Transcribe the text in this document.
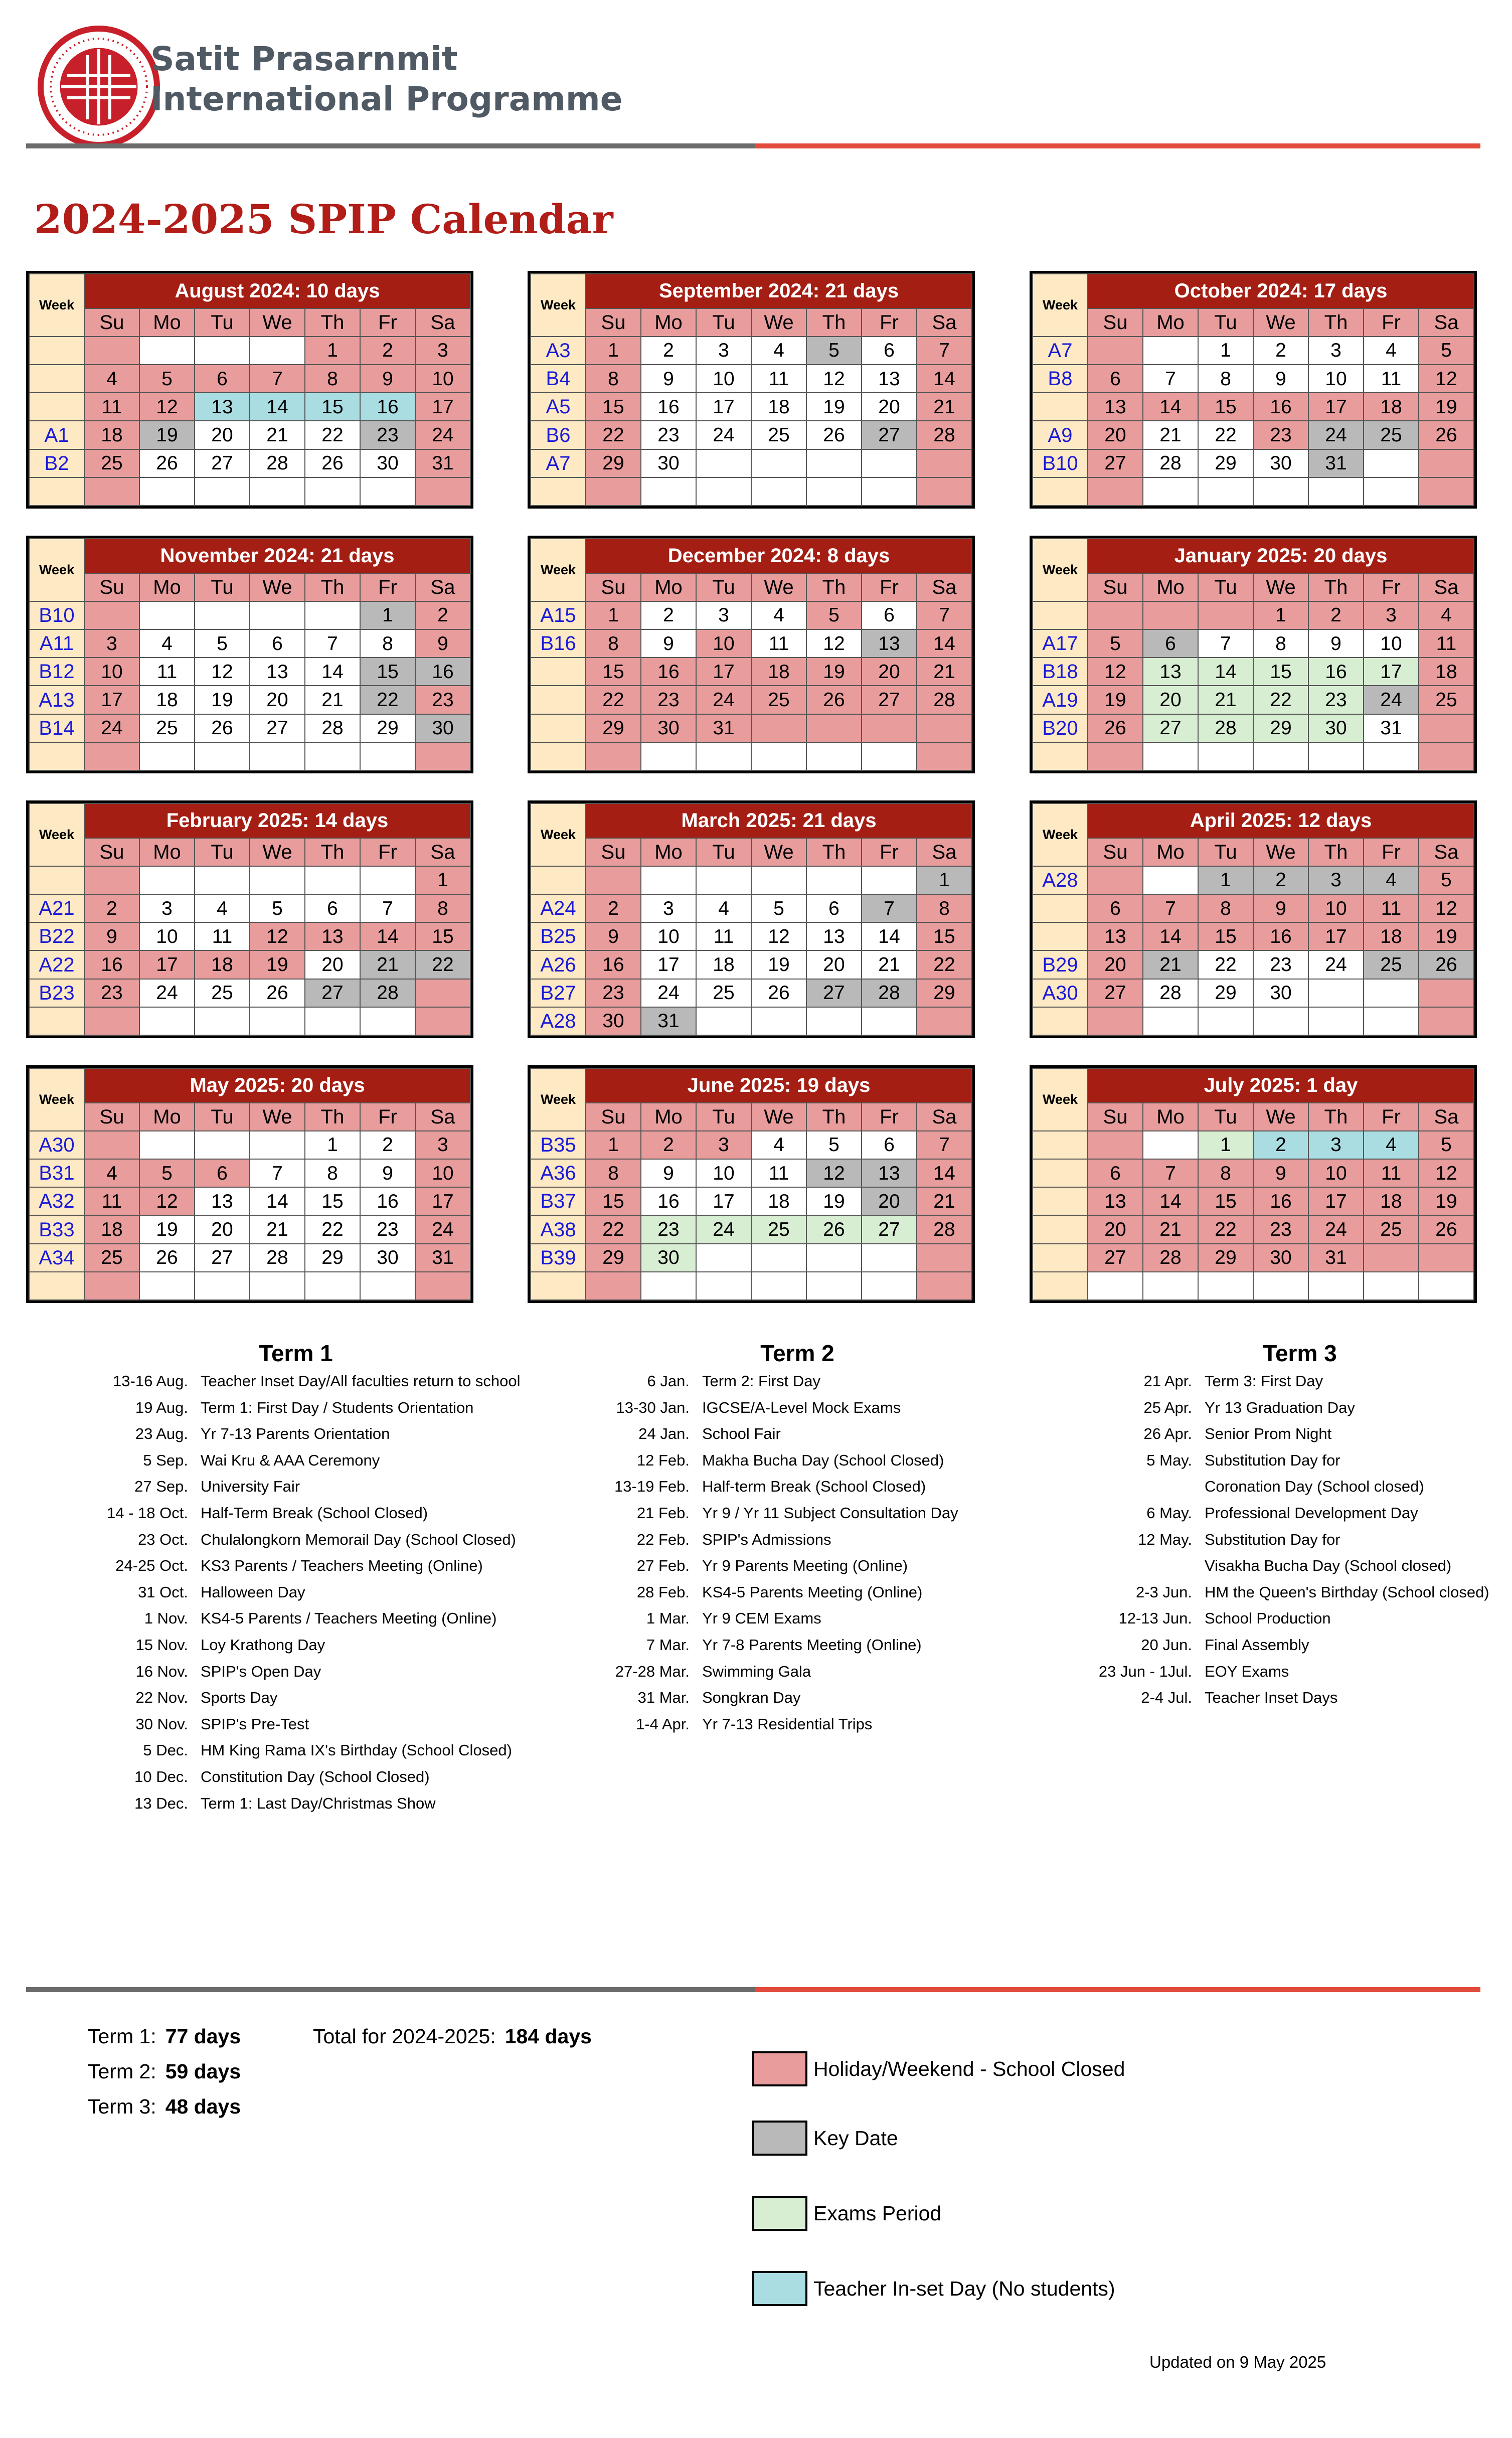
Satit Prasarnmit
International Programme
2024-2025 SPIP Calendar
Week	August 2024: 10 days						
	Su	Mo	Tu	We	Th	Fr	Sa
					1	2	3
	4	5	6	7	8	9	10
	11	12	13	14	15	16	17
A1	18	19	20	21	22	23	24
B2	25	26	27	28	26	30	31

Week	September 2024: 21 days						
	Su	Mo	Tu	We	Th	Fr	Sa
A3	1	2	3	4	5	6	7
B4	8	9	10	11	12	13	14
A5	15	16	17	18	19	20	21
B6	22	23	24	25	26	27	28
A7	29	30					

Week	October 2024: 17 days						
	Su	Mo	Tu	We	Th	Fr	Sa
A7			1	2	3	4	5
B8	6	7	8	9	10	11	12
	13	14	15	16	17	18	19
A9	20	21	22	23	24	25	26
B10	27	28	29	30	31		

Week	November 2024: 21 days						
	Su	Mo	Tu	We	Th	Fr	Sa
B10						1	2
A11	3	4	5	6	7	8	9
B12	10	11	12	13	14	15	16
A13	17	18	19	20	21	22	23
B14	24	25	26	27	28	29	30

Week	December 2024: 8 days						
	Su	Mo	Tu	We	Th	Fr	Sa
A15	1	2	3	4	5	6	7
B16	8	9	10	11	12	13	14
	15	16	17	18	19	20	21
	22	23	24	25	26	27	28
	29	30	31				

Week	January 2025: 20 days						
	Su	Mo	Tu	We	Th	Fr	Sa
				1	2	3	4
A17	5	6	7	8	9	10	11
B18	12	13	14	15	16	17	18
A19	19	20	21	22	23	24	25
B20	26	27	28	29	30	31	

Week	February 2025: 14 days						
	Su	Mo	Tu	We	Th	Fr	Sa
							1
A21	2	3	4	5	6	7	8
B22	9	10	11	12	13	14	15
A22	16	17	18	19	20	21	22
B23	23	24	25	26	27	28	

Week	March 2025: 21 days						
	Su	Mo	Tu	We	Th	Fr	Sa
							1
A24	2	3	4	5	6	7	8
B25	9	10	11	12	13	14	15
A26	16	17	18	19	20	21	22
B27	23	24	25	26	27	28	29
A28	30	31					
Week	April 2025: 12 days						
	Su	Mo	Tu	We	Th	Fr	Sa
A28			1	2	3	4	5
	6	7	8	9	10	11	12
	13	14	15	16	17	18	19
B29	20	21	22	23	24	25	26
A30	27	28	29	30			

Week	May 2025: 20 days						
	Su	Mo	Tu	We	Th	Fr	Sa
A30					1	2	3
B31	4	5	6	7	8	9	10
A32	11	12	13	14	15	16	17
B33	18	19	20	21	22	23	24
A34	25	26	27	28	29	30	31

Week	June 2025: 19 days						
	Su	Mo	Tu	We	Th	Fr	Sa
B35	1	2	3	4	5	6	7
A36	8	9	10	11	12	13	14
B37	15	16	17	18	19	20	21
A38	22	23	24	25	26	27	28
B39	29	30					

Week	July 2025: 1 day						
	Su	Mo	Tu	We	Th	Fr	Sa
			1	2	3	4	5
	6	7	8	9	10	11	12
	13	14	15	16	17	18	19
	20	21	22	23	24	25	26
	27	28	29	30	31		

Term 1
13-16 Aug. Teacher Inset Day/All faculties return to school
19 Aug. Term 1: First Day / Students Orientation
23 Aug. Yr 7-13 Parents Orientation
5 Sep. Wai Kru & AAA Ceremony
27 Sep. University Fair
14 - 18 Oct. Half-Term Break (School Closed)
23 Oct. Chulalongkorn Memorail Day (School Closed)
24-25 Oct. KS3 Parents / Teachers Meeting (Online)
31 Oct. Halloween Day
1 Nov. KS4-5 Parents / Teachers Meeting (Online)
15 Nov. Loy Krathong Day
16 Nov. SPIP's Open Day
22 Nov. Sports Day
30 Nov. SPIP's Pre-Test
5 Dec. HM King Rama IX's Birthday (School Closed)
10 Dec. Constitution Day (School Closed)
13 Dec. Term 1: Last Day/Christmas Show
Term 2
6 Jan. Term 2: First Day
13-30 Jan. IGCSE/A-Level Mock Exams
24 Jan. School Fair
12 Feb. Makha Bucha Day (School Closed)
13-19 Feb. Half-term Break (School Closed)
21 Feb. Yr 9 / Yr 11 Subject Consultation Day
22 Feb. SPIP's Admissions
27 Feb. Yr 9 Parents Meeting (Online)
28 Feb. KS4-5 Parents Meeting (Online)
1 Mar. Yr 9 CEM Exams
7 Mar. Yr 7-8 Parents Meeting (Online)
27-28 Mar. Swimming Gala
31 Mar. Songkran Day
1-4 Apr. Yr 7-13 Residential Trips
Term 3
21 Apr. Term 3: First Day
25 Apr. Yr 13 Graduation Day
26 Apr. Senior Prom Night
5 May. Substitution Day for
Coronation Day (School closed)
6 May. Professional Development Day
12 May. Substitution Day for
Visakha Bucha Day (School closed)
2-3 Jun. HM the Queen's Birthday (School closed)
12-13 Jun. School Production
20 Jun. Final Assembly
23 Jun - 1Jul. EOY Exams
2-4 Jul. Teacher Inset Days
Term 1: 77 days
Term 2: 59 days
Term 3: 48 days
Total for 2024-2025: 184 days
Holiday/Weekend - School Closed
Key Date
Exams Period
Teacher In-set Day (No students)
Updated on 9 May 2025
